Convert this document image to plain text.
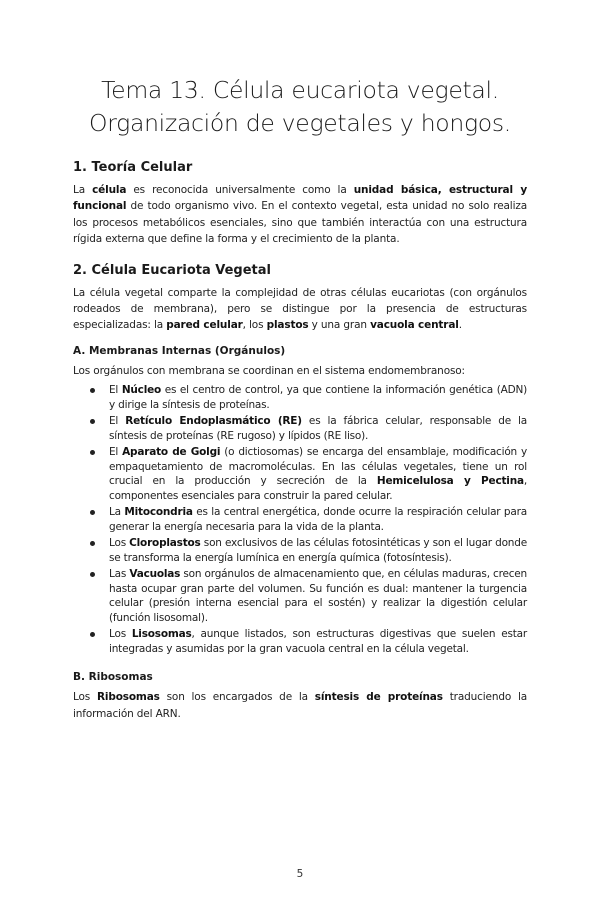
Tema 13. Célula eucariota vegetal.
Organización de vegetales y hongos.
1. Teoría Celular

La célula es reconocida universalmente como la unidad básica, estructural y funcional de todo organismo vivo. En el contexto vegetal, esta unidad no solo realiza los procesos metabólicos esenciales, sino que también interactúa con una estructura rígida externa que define la forma y el crecimiento de la planta.

2. Célula Eucariota Vegetal

La célula vegetal comparte la complejidad de otras células eucariotas (con orgánulos rodeados de membrana), pero se distingue por la presencia de estructuras especializadas: la pared celular, los plastos y una gran vacuola central.

A. Membranas Internas (Orgánulos)

Los orgánulos con membrana se coordinan en el sistema endomembranoso:

El Núcleo es el centro de control, ya que contiene la información genética (ADN) y dirige la síntesis de proteínas.
El Retículo Endoplasmático (RE) es la fábrica celular, responsable de la síntesis de proteínas (RE rugoso) y lípidos (RE liso).
El Aparato de Golgi (o dictiosomas) se encarga del ensamblaje, modificación y empaquetamiento de macromoléculas. En las células vegetales, tiene un rol crucial en la producción y secreción de la Hemicelulosa y Pectina, componentes esenciales para construir la pared celular.
La Mitocondria es la central energética, donde ocurre la respiración celular para generar la energía necesaria para la vida de la planta.
Los Cloroplastos son exclusivos de las células fotosintéticas y son el lugar donde se transforma la energía lumínica en energía química (fotosíntesis).
Las Vacuolas son orgánulos de almacenamiento que, en células maduras, crecen hasta ocupar gran parte del volumen. Su función es dual: mantener la turgencia celular (presión interna esencial para el sostén) y realizar la digestión celular (función lisosomal).
Los Lisosomas, aunque listados, son estructuras digestivas que suelen estar integradas y asumidas por la gran vacuola central en la célula vegetal.
B. Ribosomas

Los Ribosomas son los encargados de la síntesis de proteínas traduciendo la información del ARN.

5
